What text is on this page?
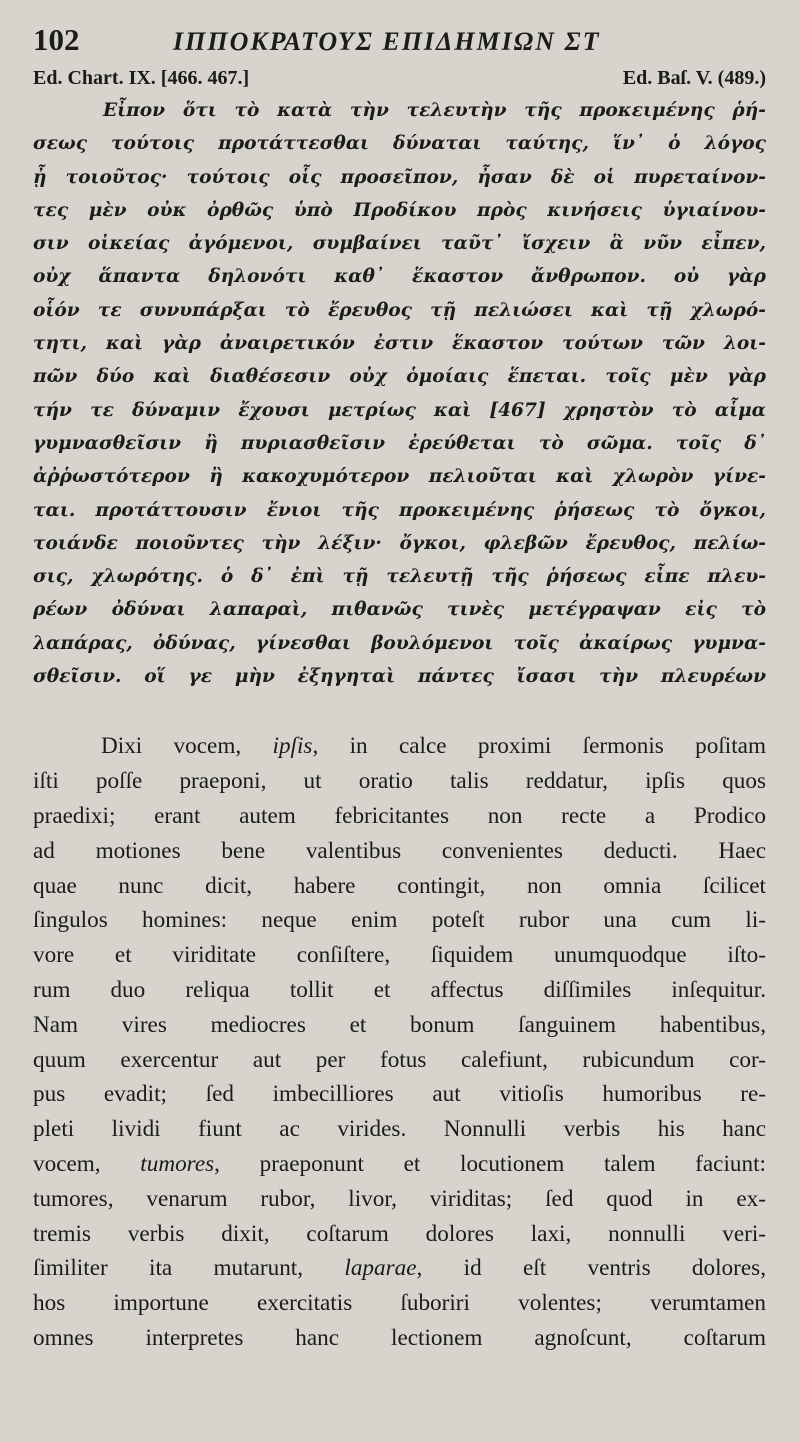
102	ΙΠΠΟΚΡΑΤΟΥΣ ΕΠΙΔΗΜΙΩΝ ΣΤ
Ed. Chart. IX. [466. 467.]	Ed. Baſ. V. (489.)
Εἶπον ὅτι τὸ κατὰ τὴν τελευτὴν τῆς προκειμένης ῥή-
σεως τούτοις προτάττεσθαι δύναται ταύτης, ἵν᾽ ὁ λόγος
ᾖ τοιοῦτος· τούτοις οἷς προσεῖπον, ἦσαν δὲ οἱ πυρεταίνον-
τες μὲν οὐκ ὀρθῶς ὑπὸ Προδίκου πρὸς κινήσεις ὑγιαίνου-
σιν οἰκείας ἀγόμενοι, συμβαίνει ταῦτ᾽ ἴσχειν ἃ νῦν εἶπεν,
οὐχ ἅπαντα δηλονότι καθ᾽ ἕκαστον ἄνθρωπον. οὐ γὰρ
οἷόν τε συνυπάρξαι τὸ ἔρευθος τῇ πελιώσει καὶ τῇ χλωρό-
τητι, καὶ γὰρ ἀναιρετικόν ἐστιν ἕκαστον τούτων τῶν λοι-
πῶν δύο καὶ διαθέσεσιν οὐχ ὁμοίαις ἕπεται. τοῖς μὲν γὰρ
τήν τε δύναμιν ἔχουσι μετρίως καὶ [467] χρηστὸν τὸ αἷμα
γυμνασθεῖσιν ἢ πυριασθεῖσιν ἐρεύθεται τὸ σῶμα. τοῖς δ᾽
ἀῤῥωστότερον ἢ κακοχυμότερον πελιοῦται καὶ χλωρὸν γίνε-
ται. προτάττουσιν ἔνιοι τῆς προκειμένης ῥήσεως τὸ ὄγκοι,
τοιάνδε ποιοῦντες τὴν λέξιν· ὄγκοι, φλεβῶν ἔρευθος, πελίω-
σις, χλωρότης. ὁ δ᾽ ἐπὶ τῇ τελευτῇ τῆς ῥήσεως εἶπε πλευ-
ρέων ὀδύναι λαπαραὶ, πιθανῶς τινὲς μετέγραψαν εἰς τὸ
λαπάρας, ὀδύνας, γίνεσθαι βουλόμενοι τοῖς ἀκαίρως γυμνα-
σθεῖσιν. οἵ γε μὴν ἐξηγηταὶ πάντες ἴσασι τὴν πλευρέων
Dixi vocem, ipſis, in calce proximi ſermonis poſitam
iſti poſſe praeponi, ut oratio talis reddatur, ipſis quos
praedixi; erant autem febricitantes non recte a Prodico
ad motiones bene valentibus convenientes deducti. Haec
quae nunc dicit, habere contingit, non omnia ſcilicet
ſingulos homines: neque enim poteſt rubor una cum li-
vore et viriditate conſiſtere, ſiquidem unumquodque iſto-
rum duo reliqua tollit et affectus diſſimiles inſequitur.
Nam vires mediocres et bonum ſanguinem habentibus,
quum exercentur aut per fotus calefiunt, rubicundum cor-
pus evadit; ſed imbecilliores aut vitioſis humoribus re-
pleti lividi fiunt ac virides. Nonnulli verbis his hanc
vocem, tumores, praeponunt et locutionem talem faciunt:
tumores, venarum rubor, livor, viriditas; ſed quod in ex-
tremis verbis dixit, coſtarum dolores laxi, nonnulli veri-
ſimiliter ita mutarunt, laparae, id eſt ventris dolores,
hos importune exercitatis ſuboriri volentes; verumtamen
omnes interpretes hanc lectionem agnoſcunt, coſtarum
